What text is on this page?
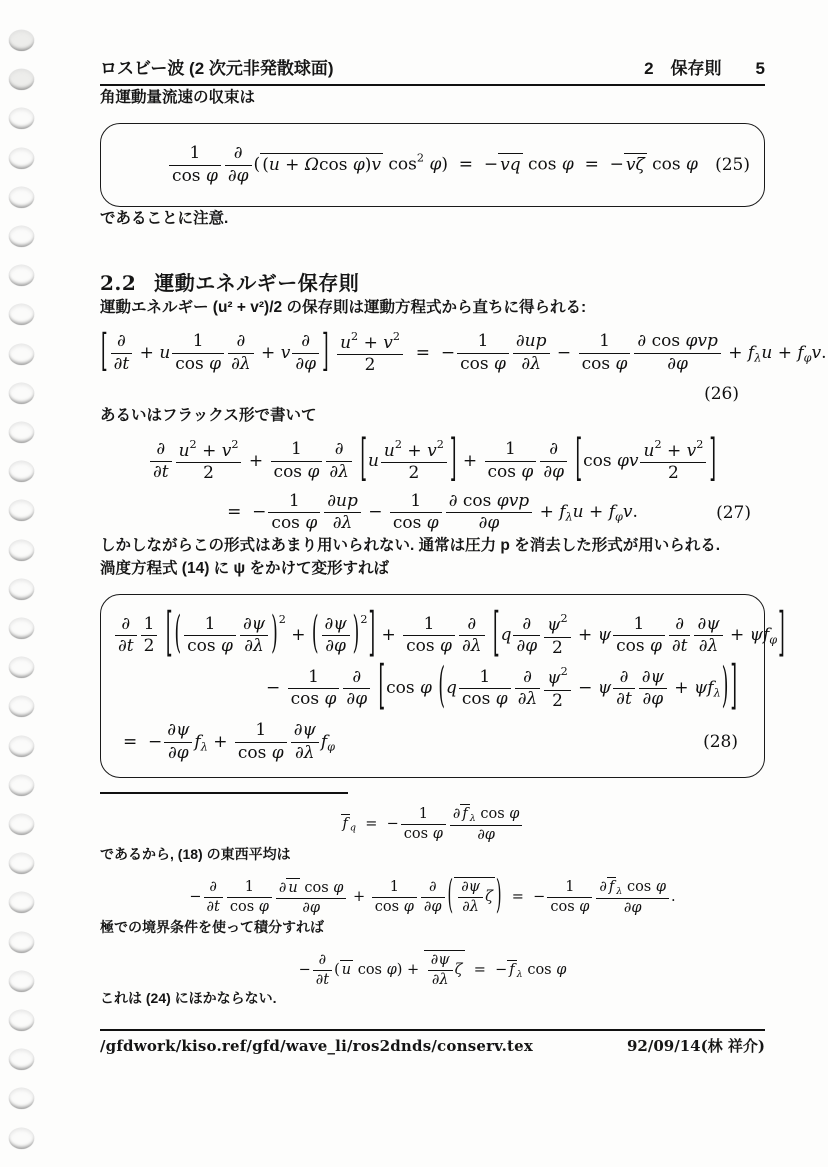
ロスビー波 (2 次元非発散球面)	2　保存則 5

角運動量流速の収束は

$\frac{1}{\text{cos φ}}$ ∂
∂φ
( (u + Ωcos φ)v $\cos^2 \varphi$)  =  − vq cos φ  =  − vζ cos φ (25)

であることに注意.

2.2 運動エネルギー保存則

運動エネルギー (u² + v²)/2 の保存則は運動方程式から直ちに得られる:

[ ∂
∂t
+ u $\frac{1}{\text{cos φ}}$ ∂
∂λ
+ v
∂
∂φ ] $\frac{u^2 + v^2}{2}$ =  − $\frac{1}{\text{cos φ}} \frac{\partial up}{\partial\lambda} - \frac{1}{\text{cos φ}}$ ∂ cos φvp
∂φ
+ fλu + fφv.
(26)

あるいはフラックス形で書いて

∂
$\partial t \frac{u^2 + v^2}{2} + \frac{1}{\text{cos φ}}$ ∂
∂λ [$u \frac{u^2 + v^2}{2}$ ] + $\frac{1}{\text{cos φ}}$ ∂
∂φ [cos φv $\frac{u^2 + v^2}{2}$ ]
=  − $\frac{1}{\text{cos φ}} \frac{\partial up}{\partial\lambda} - \frac{1}{\text{cos φ}}$ ∂ cos φvp
∂φ
+ fλu + fφv.	(27)

しかしながらこの形式はあまり用いられない. 通常は圧力 p を消去した形式が用いられる.

渦度方程式 (14) に ψ をかけて変形すれば

∂
$\partial t \frac{1}{2}$ [ ( $\frac{1}{\text{cos φ}} \frac{\partial\psi}{\partial\lambda} )^2$ + ( $\frac{\partial\psi}{\partial\varphi} )^2] + \frac{1}{\text{cos φ}}$ ∂
∂λ [q
∂
$\partial\varphi \frac{\psi^2}{2} + \psi \frac{1}{\text{cos φ}}$ ∂
$\partial t \frac{\partial\psi}{\partial\lambda} + \psi f\varphi$]
− $\frac{1}{\text{cos φ}}$ ∂
∂φ [cos φ ($q \frac{1}{\text{cos φ}}$ ∂
$\partial\lambda \frac{\psi^2}{2} - \psi$
∂
$\partial t \frac{\partial\psi}{\partial\varphi} + \psi f\lambda$) ]
=  − $\frac{\partial\psi}{\partial\varphi}$ $f\lambda + \frac{1}{\text{cos φ}} \frac{\partial\psi}{\partial\lambda}$ fφ	(28)
fq  =  − $\frac{1}{\text{cos φ}} \frac{\text{∂ f λ cos φ}}{\partial\varphi}$

であるから, (18) の東西平均は

−
∂
$\partial t \frac{1}{\text{cos φ}} \frac{\text{∂ u cos φ}}{\partial\varphi} + \frac{1}{\text{cos φ}}$ ∂
∂φ ( $\frac{\partial\psi}{\partial\lambda}$ ζ )  =  − $\frac{1}{\text{cos φ}} \frac{\text{∂ f λ cos φ}}{\partial\varphi}$ .

極での境界条件を使って積分すれば

−
∂
∂t
( u $\cos \varphi) + \frac{\partial\psi}{\partial\lambda}$ ζ  =  − f λ cos φ

これは (24) にほかならない.

/gfdwork/kiso.ref/gfd/wave_li/ros2dnds/conserv.tex	92/09/14(林 祥介)
